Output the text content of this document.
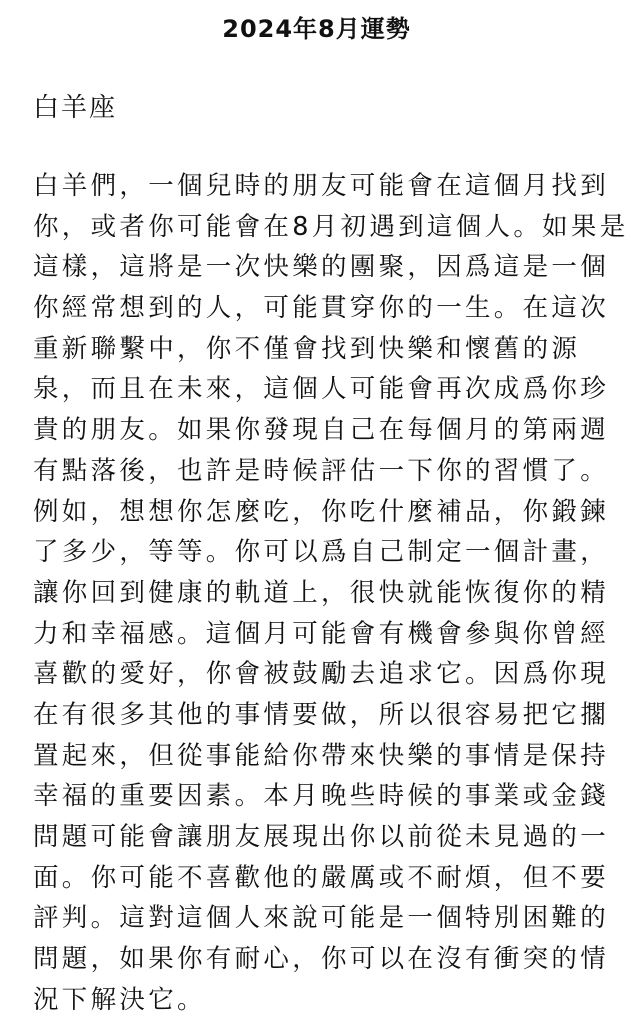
2024年8月運勢
白羊座
白羊們，一個兒時的朋友可能會在這個月找到
你，或者你可能會在8月初遇到這個人。如果是
這樣，這將是一次快樂的團聚，因爲這是一個
你經常想到的人，可能貫穿你的一生。在這次
重新聯繫中，你不僅會找到快樂和懷舊的源
泉，而且在未來，這個人可能會再次成爲你珍
貴的朋友。如果你發現自己在每個月的第兩週
有點落後，也許是時候評估一下你的習慣了。
例如，想想你怎麼吃，你吃什麼補品，你鍛鍊
了多少，等等。你可以爲自己制定一個計畫，
讓你回到健康的軌道上，很快就能恢復你的精
力和幸福感。這個月可能會有機會參與你曾經
喜歡的愛好，你會被鼓勵去追求它。因爲你現
在有很多其他的事情要做，所以很容易把它擱
置起來，但從事能給你帶來快樂的事情是保持
幸福的重要因素。本月晚些時候的事業或金錢
問題可能會讓朋友展現出你以前從未見過的一
面。你可能不喜歡他的嚴厲或不耐煩，但不要
評判。這對這個人來說可能是一個特別困難的
問題，如果你有耐心，你可以在沒有衝突的情
況下解決它。
